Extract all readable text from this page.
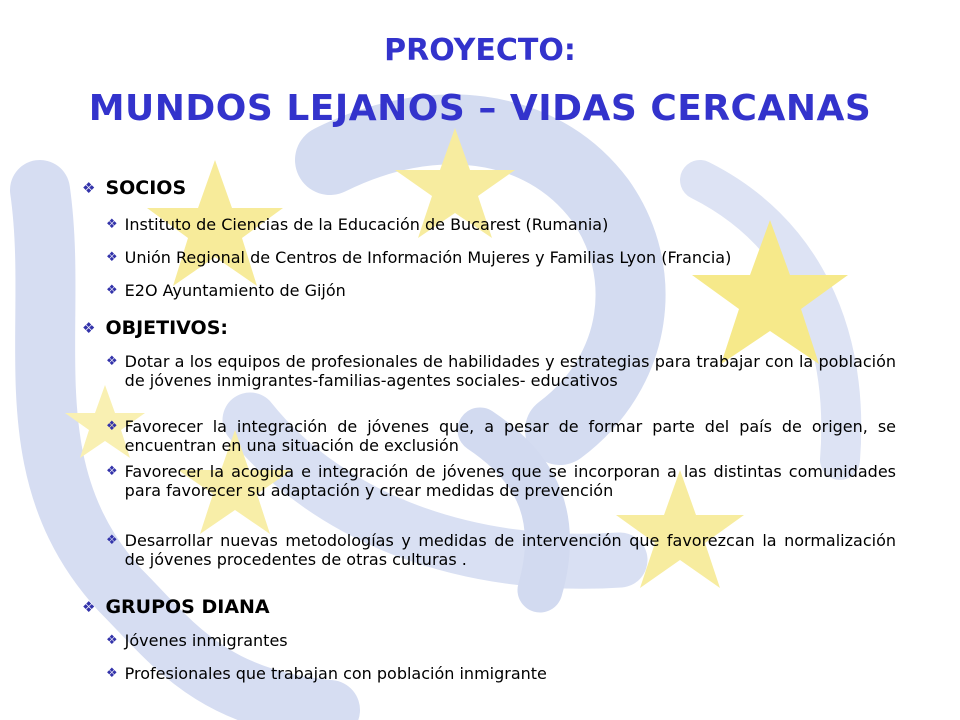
PROYECTO:
MUNDOS LEJANOS – VIDAS CERCANAS
❖ SOCIOS
❖ Instituto de Ciencias de la Educación de Bucarest (Rumania)
❖ Unión Regional de Centros de Información Mujeres y Familias Lyon (Francia)
❖ E2O Ayuntamiento de Gijón
❖ OBJETIVOS:
❖ Dotar a los equipos de profesionales de habilidades y estrategias para trabajar con la población de jóvenes inmigrantes-familias-agentes sociales- educativos
❖ Favorecer la integración de jóvenes que, a pesar de formar parte del país de origen, se encuentran en una situación de exclusión
❖ Favorecer la acogida e integración de jóvenes que se incorporan a las distintas comunidades para favorecer su adaptación y crear medidas de prevención
❖ Desarrollar nuevas metodologías y medidas de intervención que favorezcan la normalización de jóvenes procedentes de otras culturas .
❖ GRUPOS DIANA
❖ Jóvenes inmigrantes
❖ Profesionales que trabajan con población inmigrante
